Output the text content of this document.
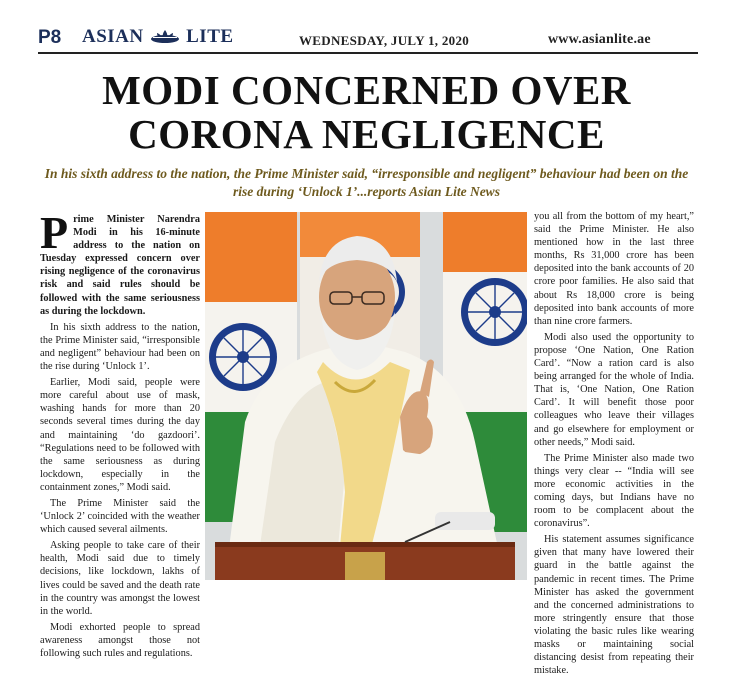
P8 ASIAN LITE	WEDNESDAY, JULY 1, 2020	www.asianlite.ae
MODI CONCERNED OVER
CORONA NEGLIGENCE
In his sixth address to the nation, the Prime Minister said, “irresponsible and negligent” behaviour had been on the rise during ‘Unlock 1’...reports Asian Lite News

Prime Minister Narendra Modi in his 16-minute address to the nation on Tuesday expressed concern over rising negligence of the coronavirus risk and said rules should be followed with the same seriousness as during the lockdown.

In his sixth address to the nation, the Prime Minister said, “irresponsible and negligent” behaviour had been on the rise during ‘Unlock 1’.

Earlier, Modi said, people were more careful about use of mask, washing hands for more than 20 seconds several times during the day and maintaining ‘do gazdoori’. “Regulations need to be followed with the same seriousness as during lockdown, especially in the containment zones,” Modi said.

The Prime Minister said the ‘Unlock 2’ coincided with the weather which caused several ailments.

Asking people to take care of their health, Modi said due to timely decisions, like lockdown, lakhs of lives could be saved and the death rate in the country was amongst the lowest in the world.

Modi exhorted people to spread awareness amongst those not following such rules and regulations.

you all from the bottom of my heart,” said the Prime Minister. He also mentioned how in the last three months, Rs 31,000 crore has been deposited into the bank accounts of 20 crore poor families. He also said that about Rs 18,000 crore is being deposited into bank accounts of more than nine crore farmers.

Modi also used the opportunity to propose ‘One Nation, One Ration Card’. “Now a ration card is also being arranged for the whole of India. That is, ‘One Nation, One Ration Card’. It will benefit those poor colleagues who leave their villages and go elsewhere for employment or other needs,” Modi said.

The Prime Minister also made two things very clear -- “India will see more economic activities in the coming days, but Indians have no room to be complacent about the coronavirus”.

His statement assumes significance given that many have lowered their guard in the battle against the pandemic in recent times. The Prime Minister has asked the government and the concerned administrations to more stringently ensure that those violating the basic rules like wearing masks or maintaining social distancing desist from repeating their mistake.
